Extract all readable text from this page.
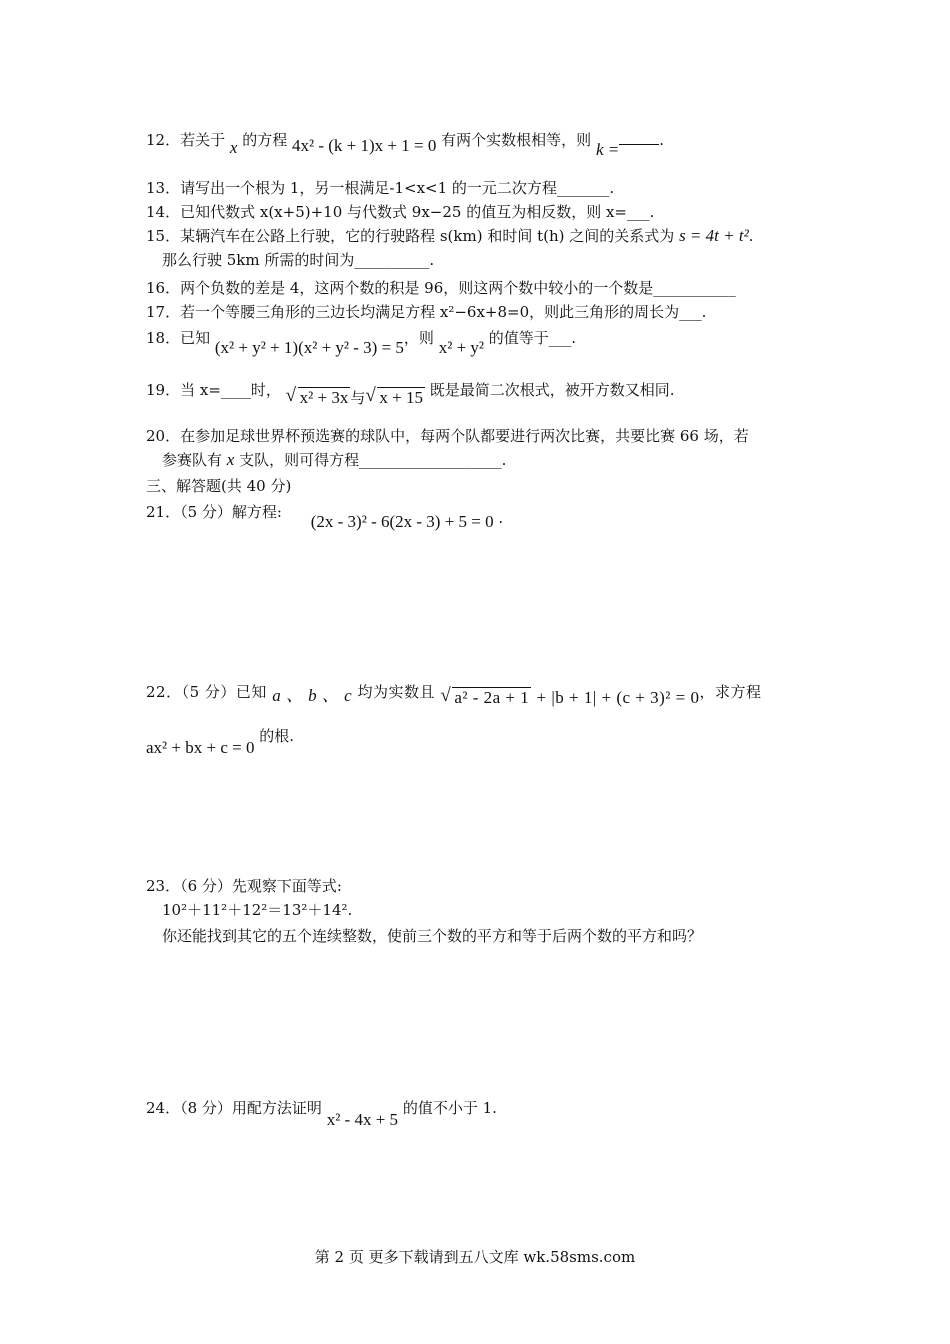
12．若关于 x 的方程 4x² - (k + 1)x + 1 = 0 有两个实数根相等，则 k =	.
13．请写出一个根为 1，另一根满足-1<x<1 的一元二次方程_______.
14．已知代数式 x(x+5)+10 与代数式 9x−25 的值互为相反数，则 x=___.
15．某辆汽车在公路上行驶，它的行驶路程 s(km) 和时间 t(h) 之间的关系式为 s = 4t + t².
那么行驶 5km 所需的时间为__________.
16．两个负数的差是 4，这两个数的积是 96，则这两个数中较小的一个数是___________
17．若一个等腰三角形的三边长均满足方程 x²−6x+8=0，则此三角形的周长为___.
18．已知 (x² + y² + 1)(x² + y² - 3) = 5，则 x² + y² 的值等于___.
19．当 x=____时， √ x² + 3x 与 √ x + 15 既是最简二次根式，被开方数又相同.
20．在参加足球世界杯预选赛的球队中，每两个队都要进行两次比赛，共要比赛 66 场，若
参赛队有 x 支队，则可得方程___________________.
三、解答题(共 40 分)
21．（5 分）解方程: (2x - 3)² - 6(2x - 3) + 5 = 0 .
22．（5 分）已知 a 、 b 、 c 均为实数且 √ a² - 2a + 1 + |b + 1| + (c + 3)² = 0，求方程
ax² + bx + c = 0 的根.
23．（6 分）先观察下面等式:
10²＋11²＋12²＝13²＋14².
你还能找到其它的五个连续整数，使前三个数的平方和等于后两个数的平方和吗？
24．（8 分）用配方法证明 x² - 4x + 5 的值不小于 1.
第 2 页 更多下载请到五八文库 wk.58sms.com
